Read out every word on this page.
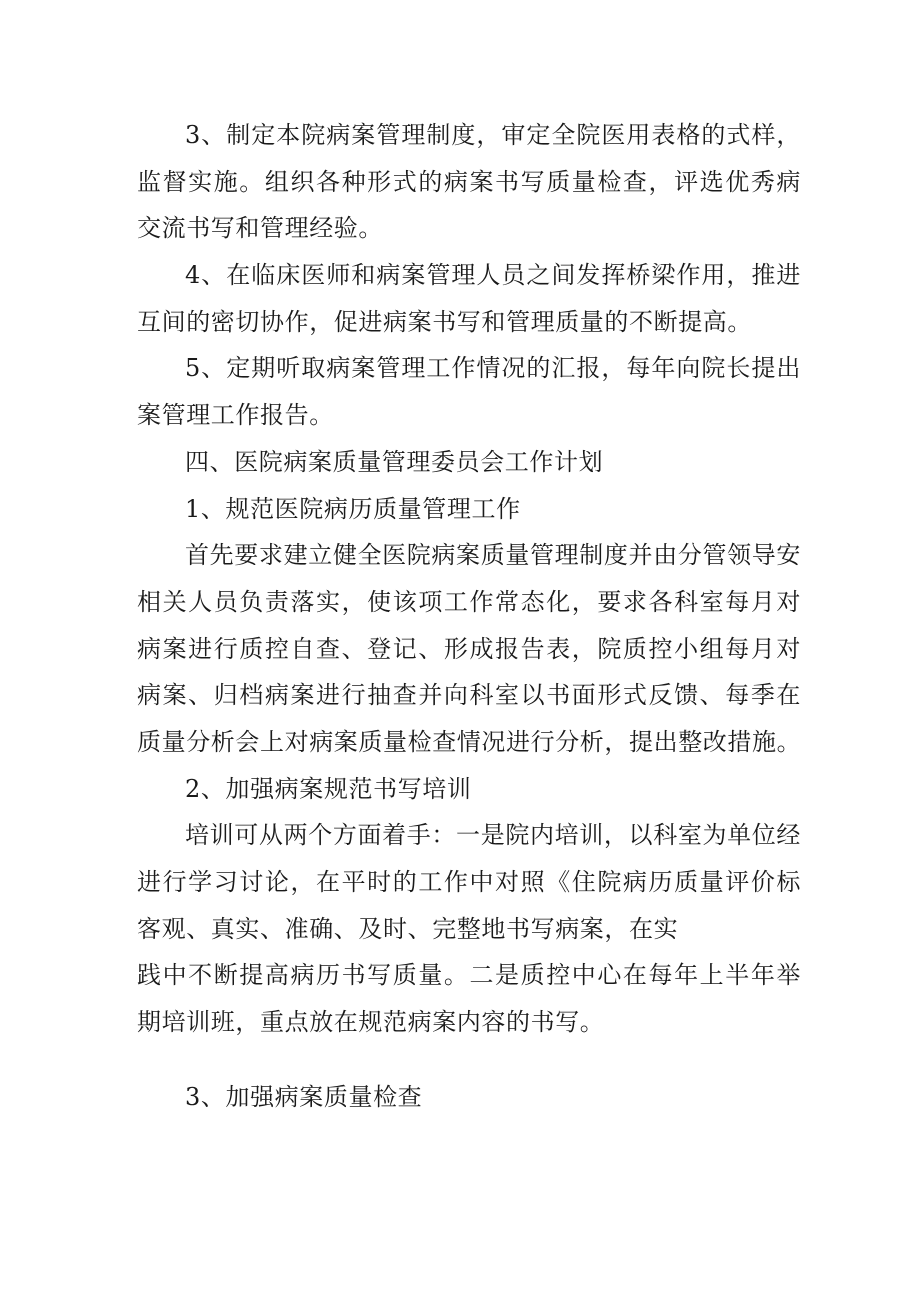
3、制定本院病案管理制度，审定全院医用表格的式样，
监督实施。组织各种形式的病案书写质量检查，评选优秀病
交流书写和管理经验。
4、在临床医师和病案管理人员之间发挥桥梁作用，推进
互间的密切协作，促进病案书写和管理质量的不断提高。
5、定期听取病案管理工作情况的汇报，每年向院长提出
案管理工作报告。
四、医院病案质量管理委员会工作计划
1、规范医院病历质量管理工作
首先要求建立健全医院病案质量管理制度并由分管领导安
相关人员负责落实，使该项工作常态化，要求各科室每月对
病案进行质控自查、登记、形成报告表，院质控小组每月对
病案、归档病案进行抽查并向科室以书面形式反馈、每季在
质量分析会上对病案质量检查情况进行分析，提出整改措施。
2、加强病案规范书写培训
培训可从两个方面着手：一是院内培训，以科室为单位经
进行学习讨论，在平时的工作中对照《住院病历质量评价标
客观、真实、准确、及时、完整地书写病案，在实
践中不断提高病历书写质量。二是质控中心在每年上半年举
期培训班，重点放在规范病案内容的书写。
3、加强病案质量检查
